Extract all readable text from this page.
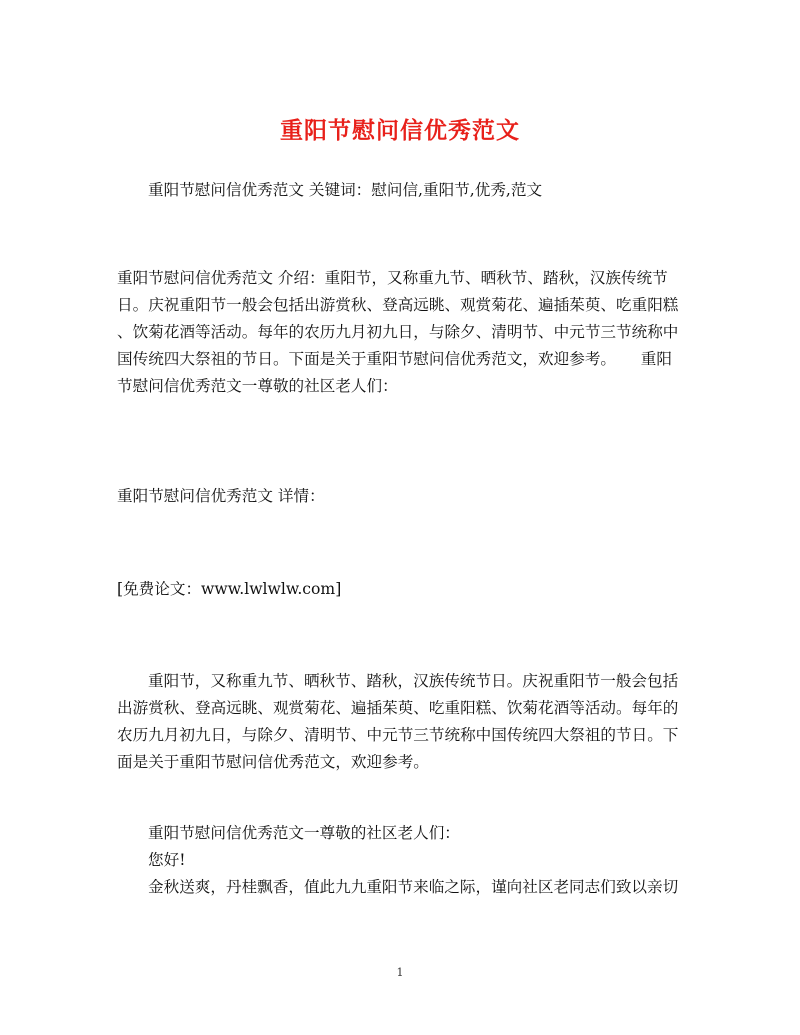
重阳节慰问信优秀范文

重阳节慰问信优秀范文 关键词：慰问信,重阳节,优秀,范文

重阳节慰问信优秀范文 介绍：重阳节，又称重九节、晒秋节、踏秋，汉族传统节
日。庆祝重阳节一般会包括出游赏秋、登高远眺、观赏菊花、遍插茱萸、吃重阳糕
、饮菊花酒等活动。每年的农历九月初九日，与除夕、清明节、中元节三节统称中
国传统四大祭祖的节日。下面是关于重阳节慰问信优秀范文，欢迎参考。     重阳
节慰问信优秀范文一尊敬的社区老人们：

重阳节慰问信优秀范文 详情：

[免费论文：www.lwlwlw.com]

重阳节，又称重九节、晒秋节、踏秋，汉族传统节日。庆祝重阳节一般会包括
出游赏秋、登高远眺、观赏菊花、遍插茱萸、吃重阳糕、饮菊花酒等活动。每年的
农历九月初九日，与除夕、清明节、中元节三节统称中国传统四大祭祖的节日。下
面是关于重阳节慰问信优秀范文，欢迎参考。

重阳节慰问信优秀范文一尊敬的社区老人们：
您好!
金秋送爽，丹桂飘香，值此九九重阳节来临之际，谨向社区老同志们致以亲切

1
